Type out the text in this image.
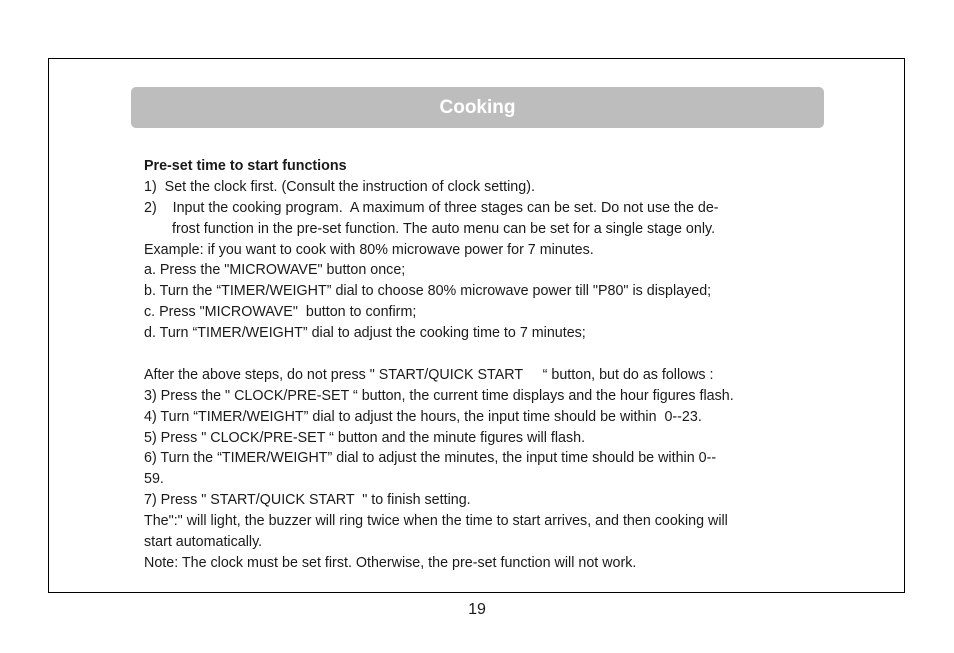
Cooking
Pre-set time to start functions
1)  Set the clock first. (Consult the instruction of clock setting).
2)    Input the cooking program.  A maximum of three stages can be set. Do not use the de-
frost function in the pre-set function. The auto menu can be set for a single stage only.
Example: if you want to cook with 80% microwave power for 7 minutes.
a. Press the "MICROWAVE" button once;
b. Turn the “TIMER/WEIGHT” dial to choose 80% microwave power till "P80" is displayed;
c. Press "MICROWAVE"  button to confirm;
d. Turn “TIMER/WEIGHT” dial to adjust the cooking time to 7 minutes;
After the above steps, do not press " START/QUICK START     “ button, but do as follows :
3) Press the " CLOCK/PRE-SET “ button, the current time displays and the hour figures flash.
4) Turn “TIMER/WEIGHT” dial to adjust the hours, the input time should be within  0--23.
5) Press " CLOCK/PRE-SET “ button and the minute figures will flash.
6) Turn the “TIMER/WEIGHT” dial to adjust the minutes, the input time should be within 0--
59.
7) Press " START/QUICK START  " to finish setting.
The":" will light, the buzzer will ring twice when the time to start arrives, and then cooking will
start automatically.
Note: The clock must be set first. Otherwise, the pre-set function will not work.
19
